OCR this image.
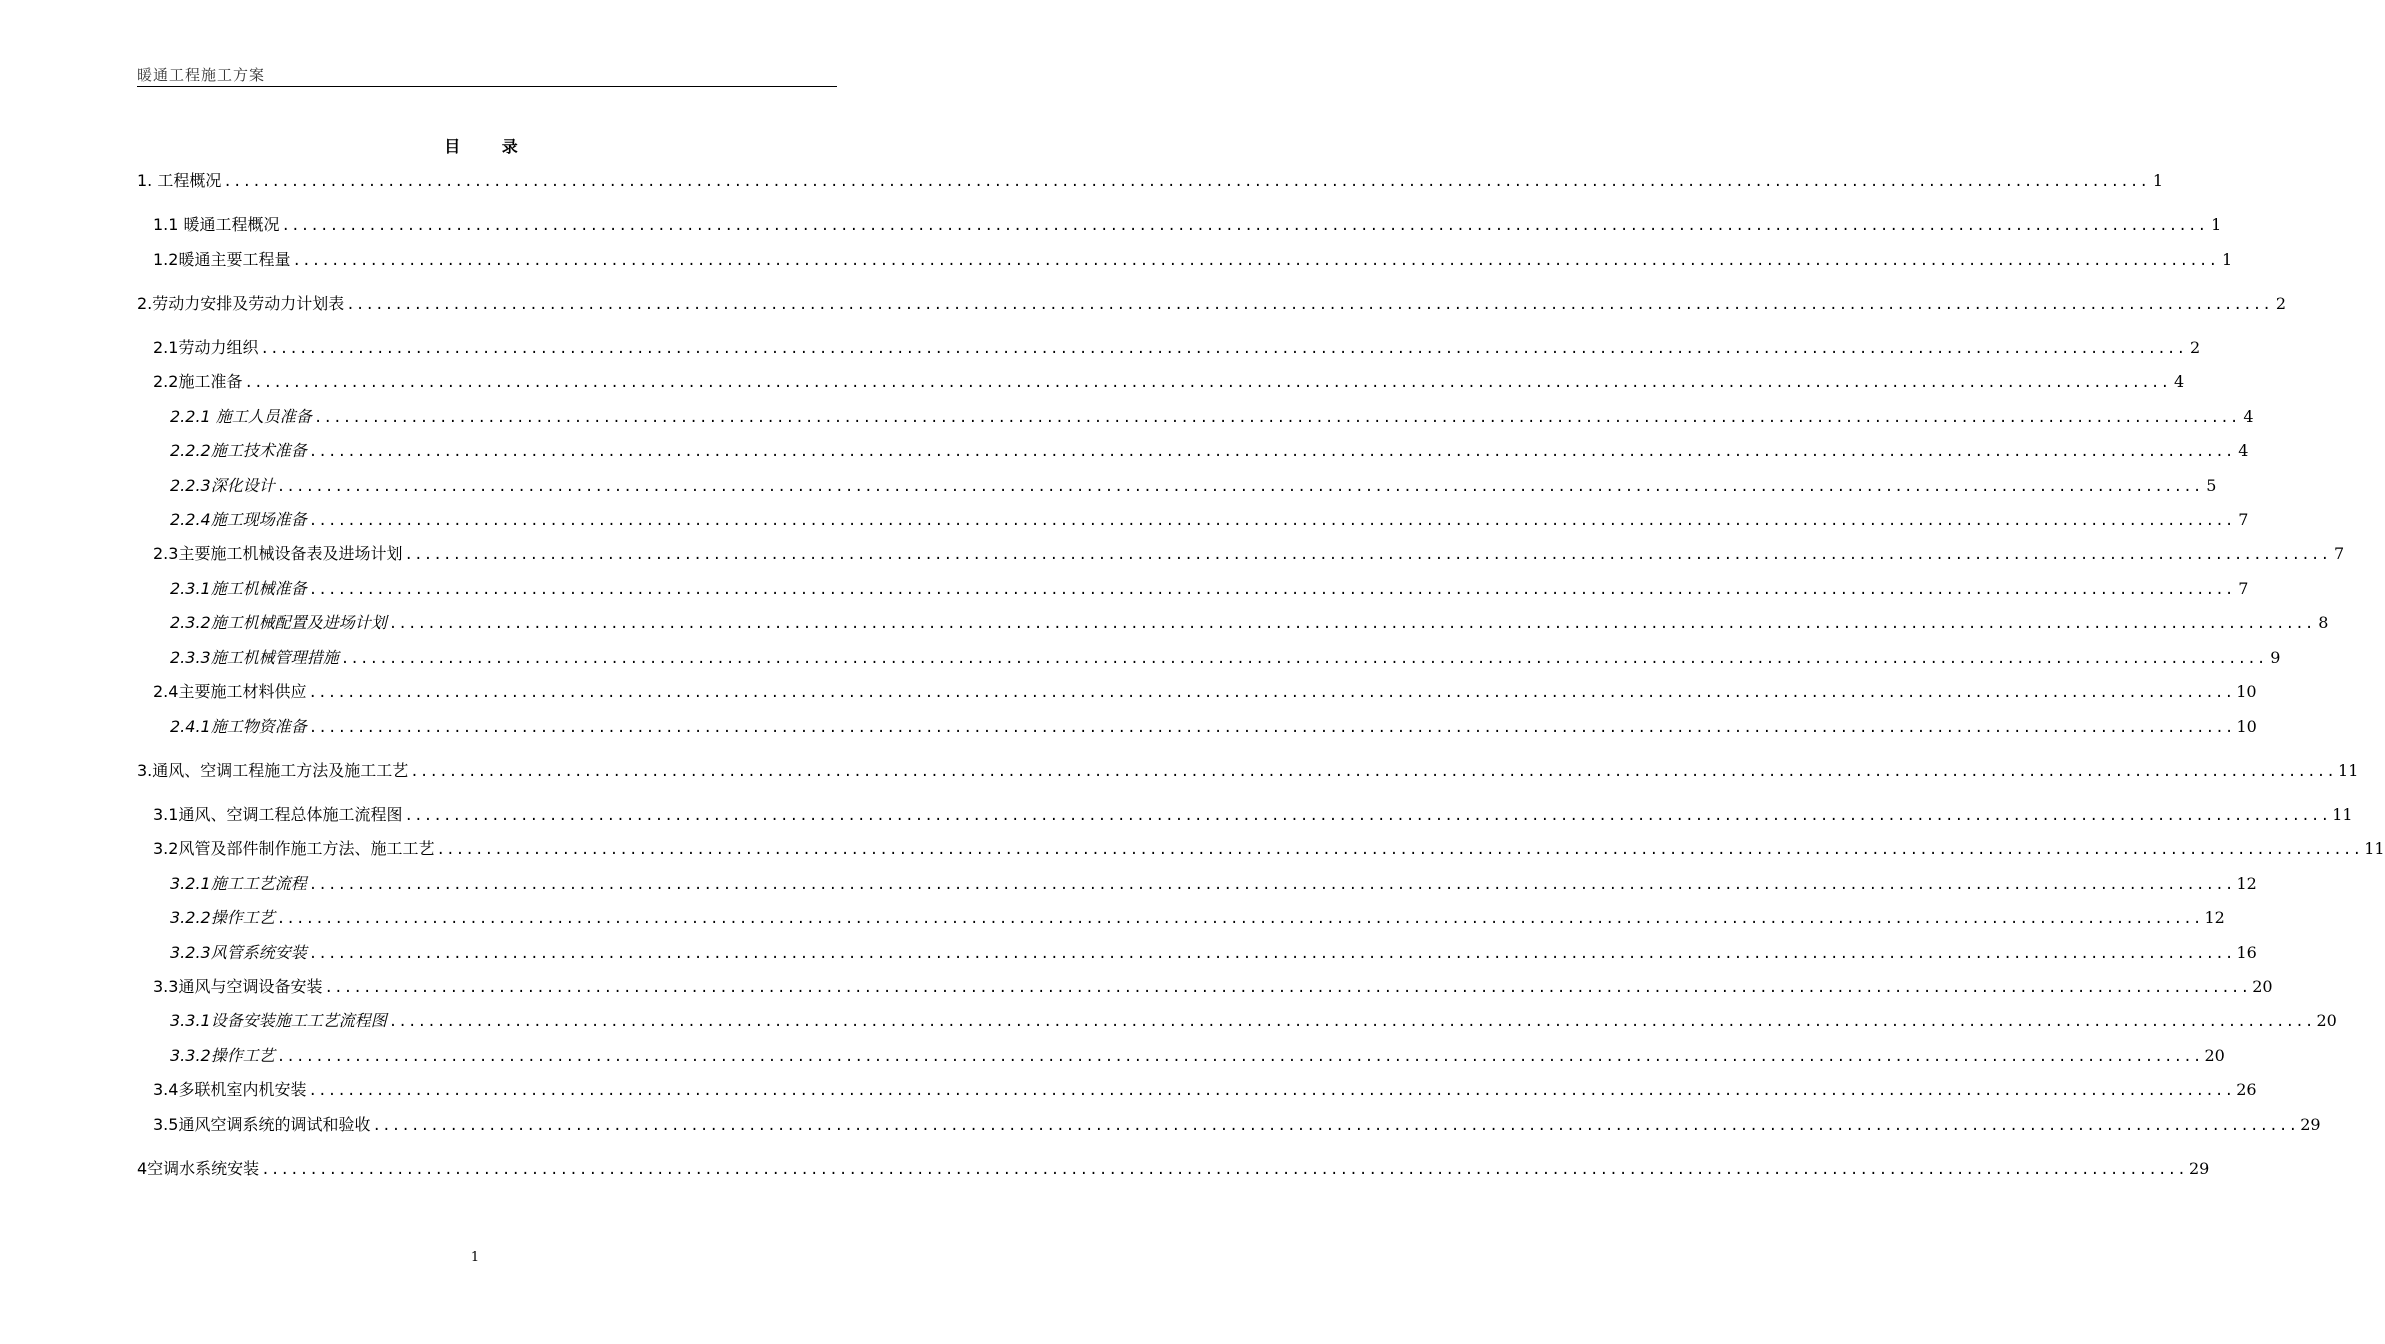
暖通工程施工方案
目 录
1. 工程概况 ........................................................................................................................................................................................................ 1
1.1 暖通工程概况 ........................................................................................................................................................................................................ 1
1.2暖通主要工程量 ........................................................................................................................................................................................................ 1
2.劳动力安排及劳动力计划表 ........................................................................................................................................................................................................ 2
2.1劳动力组织 ........................................................................................................................................................................................................ 2
2.2施工准备 ........................................................................................................................................................................................................ 4
2.2.1 施工人员准备 ........................................................................................................................................................................................................ 4
2.2.2施工技术准备 ........................................................................................................................................................................................................ 4
2.2.3深化设计 ........................................................................................................................................................................................................ 5
2.2.4施工现场准备 ........................................................................................................................................................................................................ 7
2.3主要施工机械设备表及进场计划 ........................................................................................................................................................................................................ 7
2.3.1施工机械准备 ........................................................................................................................................................................................................ 7
2.3.2施工机械配置及进场计划 ........................................................................................................................................................................................................ 8
2.3.3施工机械管理措施 ........................................................................................................................................................................................................ 9
2.4主要施工材料供应 ........................................................................................................................................................................................................ 10
2.4.1施工物资准备 ........................................................................................................................................................................................................ 10
3.通风、空调工程施工方法及施工工艺 ........................................................................................................................................................................................................ 11
3.1通风、空调工程总体施工流程图 ........................................................................................................................................................................................................ 11
3.2风管及部件制作施工方法、施工工艺 ........................................................................................................................................................................................................ 11
3.2.1施工工艺流程 ........................................................................................................................................................................................................ 12
3.2.2操作工艺 ........................................................................................................................................................................................................ 12
3.2.3风管系统安装 ........................................................................................................................................................................................................ 16
3.3通风与空调设备安装 ........................................................................................................................................................................................................ 20
3.3.1设备安装施工工艺流程图 ........................................................................................................................................................................................................ 20
3.3.2操作工艺 ........................................................................................................................................................................................................ 20
3.4多联机室内机安装 ........................................................................................................................................................................................................ 26
3.5通风空调系统的调试和验收 ........................................................................................................................................................................................................ 29
4空调水系统安装 ........................................................................................................................................................................................................ 29
1
